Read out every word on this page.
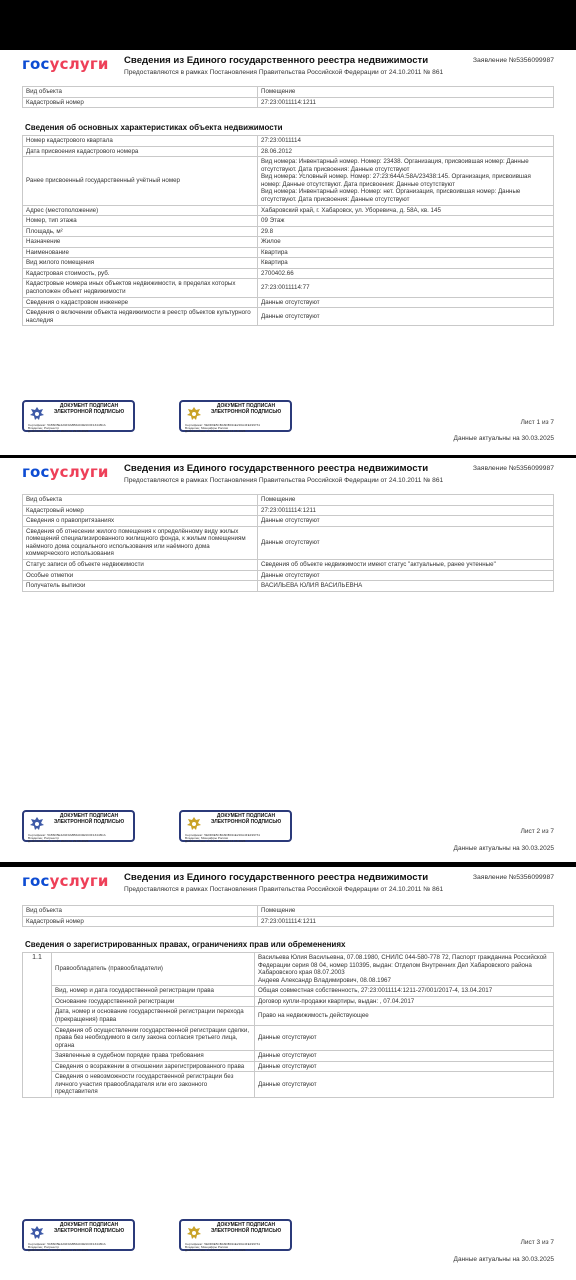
госуслуги Сведения из Единого государственного реестра недвижимости
Предоставляются в рамках Постановления Правительства Российской Федерации от 24.10.2011 № 861
Заявление №5356099987
Вид объекта	Помещение
Кадастровый номер	27:23:0011114:1211
Сведения об основных характеристиках объекта недвижимости
Номер кадастрового квартала	27:23:0011114
Дата присвоения кадастрового номера	28.06.2012
Ранее присвоенный государственный учётный номер	Вид номера: Инвентарный номер. Номер: 23438. Организация, присвоившая номер: Данные отсутствуют. Дата присвоения: Данные отсутствуют
Вид номера: Условный номер. Номер: 27:23:644А:58А/23438:145. Организация, присвоившая номер: Данные отсутствуют. Дата присвоения: Данные отсутствуют
Вид номера: Инвентарный номер. Номер: нет. Организация, присвоившая номер: Данные отсутствуют. Дата присвоения: Данные отсутствуют
Адрес (местоположение)	Хабаровский край, г. Хабаровск, ул. Уборевича, д. 58А, кв. 145
Номер, тип этажа	09 Этаж
Площадь, м²	29.8
Назначение	Жилое
Наименование	Квартира
Вид жилого помещения	Квартира
Кадастровая стоимость, руб.	2700402.66
Кадастровые номера иных объектов недвижимости, в пределах которых расположен объект недвижимости	27:23:0011114:77
Сведения о кадастровом инженере	Данные отсутствуют
Сведения о включении объекта недвижимости в реестр объектов культурного наследия	Данные отсутствуют
ДОКУМЕНТ ПОДПИСАН ЭЛЕКТРОННОЙ ПОДПИСЬЮ
Сертификат: 51B6D5E4A9F0A8B6AD2E9C0F13448CA
Владелец: Росреестр
Действителен: с 03.06.2024 по 29.08.2025
ДОКУМЕНТ ПОДПИСАН ЭЛЕКТРОННОЙ ПОДПИСЬЮ
Сертификат: 5E0D9E5CBA6DB011E216A4FE199731
Владелец: Минцифры России
Действителен: с 30.05.2024 по 13.06.2025
Лист 1 из 7
Данные актуальны на 30.03.2025
госуслуги Сведения из Единого государственного реестра недвижимости
Предоставляются в рамках Постановления Правительства Российской Федерации от 24.10.2011 № 861
Заявление №5356099987
Вид объекта	Помещение
Кадастровый номер	27:23:0011114:1211
Сведения о правопритязаниях	Данные отсутствуют
Сведения об отнесении жилого помещения к определённому виду жилых помещений специализированного жилищного фонда, к жилым помещениям наёмного дома социального использования или наёмного дома коммерческого использования	Данные отсутствуют
Статус записи об объекте недвижимости	Сведения об объекте недвижимости имеют статус "актуальные, ранее учтенные"
Особые отметки	Данные отсутствуют
Получатель выписки	ВАСИЛЬЕВА ЮЛИЯ ВАСИЛЬЕВНА
ДОКУМЕНТ ПОДПИСАН ЭЛЕКТРОННОЙ ПОДПИСЬЮ
Сертификат: 51B6D5E4A9F0A8B6AD2E9C0F13448CA
Владелец: Росреестр
Действителен: с 03.06.2024 по 29.08.2025
ДОКУМЕНТ ПОДПИСАН ЭЛЕКТРОННОЙ ПОДПИСЬЮ
Сертификат: 5E0D9E5CBA6DB011E216A4FE199731
Владелец: Минцифры России
Действителен: с 30.05.2024 по 13.06.2025
Лист 2 из 7
Данные актуальны на 30.03.2025
госуслуги Сведения из Единого государственного реестра недвижимости
Предоставляются в рамках Постановления Правительства Российской Федерации от 24.10.2011 № 861
Заявление №5356099987
Вид объекта	Помещение
Кадастровый номер	27:23:0011114:1211
Сведения о зарегистрированных правах, ограничениях прав или обременениях
1.1	Правообладатель (правообладатели)	Васильева Юлия Васильевна, 07.08.1980, СНИЛС 044-580-778 72, Паспорт гражданина Российской Федерации серия 08 04, номер 110395, выдан: Отделом Внутренних Дел Хабаровского района Хабаровского края 08.07.2003
Андеев Александр Владимирович, 08.08.1967
	Вид, номер и дата государственной регистрации права	Общая совместная собственность, 27:23:0011114:1211-27/001/2017-4, 13.04.2017
	Основание государственной регистрации	Договор купли-продажи квартиры, выдан: , 07.04.2017
	Дата, номер и основание государственной регистрации перехода (прекращения) права	Право на недвижимость действующее
	Сведения об осуществлении государственной регистрации сделки, права без необходимого в силу закона согласия третьего лица, органа	Данные отсутствуют
	Заявленные в судебном порядке права требования	Данные отсутствуют
	Сведения о возражении в отношении зарегистрированного права	Данные отсутствуют
	Сведения о невозможности государственной регистрации без личного участия правообладателя или его законного представителя	Данные отсутствуют
ДОКУМЕНТ ПОДПИСАН ЭЛЕКТРОННОЙ ПОДПИСЬЮ
Сертификат: 51B6D5E4A9F0A8B6AD2E9C0F13448CA
Владелец: Росреестр
Действителен: с 03.06.2024 по 29.08.2025
ДОКУМЕНТ ПОДПИСАН ЭЛЕКТРОННОЙ ПОДПИСЬЮ
Сертификат: 5E0D9E5CBA6DB011E216A4FE199731
Владелец: Минцифры России
Действителен: с 30.05.2024 по 13.06.2025
Лист 3 из 7
Данные актуальны на 30.03.2025
